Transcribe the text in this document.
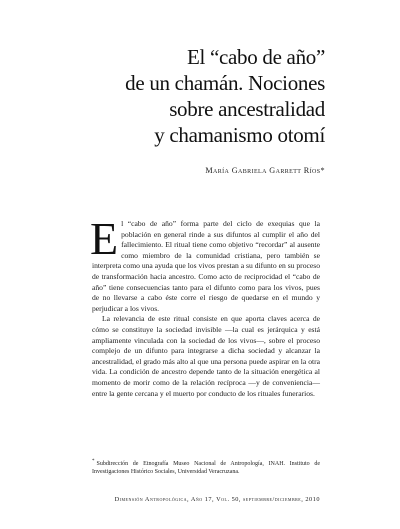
El “cabo de año”
de un chamán. Nociones
sobre ancestralidad
y chamanismo otomí
María Gabriela Garrett Ríos*

El “cabo de año” forma parte del ciclo de exequias que la población en general rinde a sus difuntos al cumplir el año del fallecimiento. El ritual tiene como objetivo “recordar” al ausente como miembro de la comunidad cristiana, pero también se interpreta como una ayuda que los vivos prestan a su difunto en su proceso de transformación hacia ancestro. Como acto de reciprocidad el “cabo de año” tiene consecuencias tanto para el difunto como para los vivos, pues de no llevarse a cabo éste corre el riesgo de quedarse en el mundo y perjudicar a los vivos.

La relevancia de este ritual consiste en que aporta claves acerca de cómo se constituye la sociedad invisible —la cual es jerárquica y está ampliamente vinculada con la sociedad de los vivos—, sobre el proceso complejo de un difunto para integrarse a dicha sociedad y alcanzar la ancestralidad, el grado más alto al que una persona puede aspirar en la otra vida. La condición de ancestro depende tanto de la situación energética al momento de morir como de la relación recíproca —y de conveniencia— entre la gente cercana y el muerto por conducto de los rituales funerarios.

* Subdirección de Etnografía Museo Nacional de Antropología, INAH. Instituto de Investigaciones Histórico Sociales, Universidad Veracruzana.
Dimensión Antropológica, Año 17, Vol. 50, septiembre/diciembre, 2010
